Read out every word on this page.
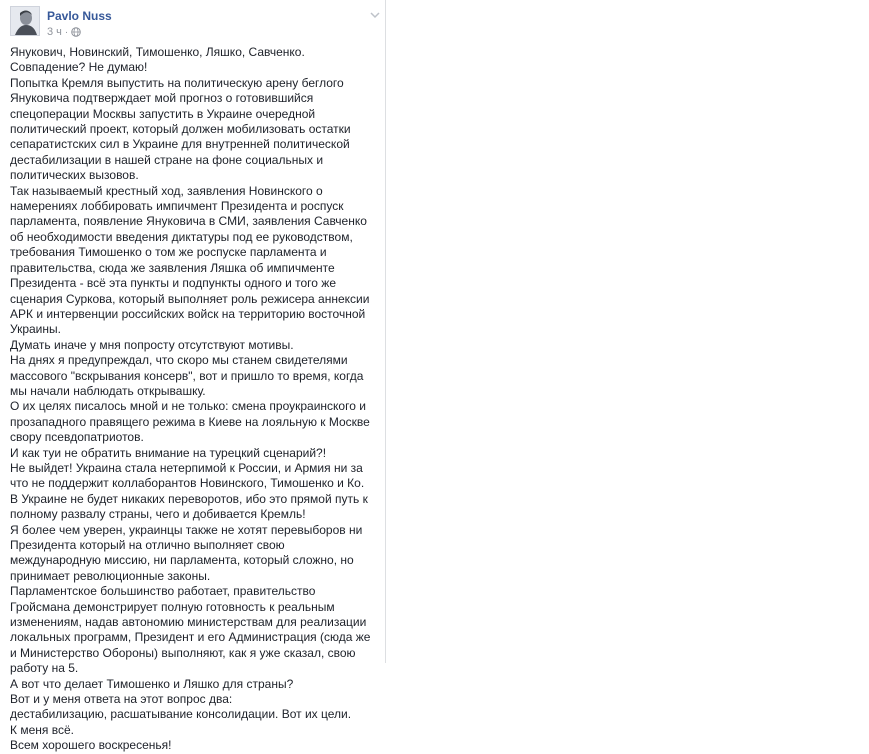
Pavlo Nuss
3 ч ·

Янукович, Новинский, Тимошенко, Ляшко, Савченко. Совпадение? Не думаю!

Попытка Кремля выпустить на политическую арену беглого Януковича подтверждает мой прогноз о готовившийся спецоперации Москвы запустить в Украине очередной политический проект, который должен мобилизовать остатки сепаратистских сил в Украине для внутренней политической дестабилизации в нашей стране на фоне социальных и политических вызовов.

Так называемый крестный ход, заявления Новинского о намерениях лоббировать импичмент Президента и роспуск парламента, появление Януковича в СМИ, заявления Савченко об необходимости введения диктатуры под ее руководством, требования Тимошенко о том же роспуске парламента и правительства, сюда же заявления Ляшка об импичменте Президента - всё эта пункты и подпункты одного и того же сценария Суркова, который выполняет роль режисера аннексии АРК и интервенции российских войск на территорию восточной Украины.

Думать иначе у мня попросту отсутствуют мотивы.

На днях я предупреждал, что скоро мы станем свидетелями массового "вскрывания консерв", вот и пришло то время, когда мы начали наблюдать открывашку.

О их целях писалось мной и не только: смена проукраинского и прозападного правящего режима в Киеве на лояльную к Москве свору псевдопатриотов.

И как туи не обратить внимание на турецкий сценарий?!

Не выйдет! Украина стала нетерпимой к России, и Армия ни за что не поддержит коллаборантов Новинского, Тимошенко и Ко.

В Украине не будет никаких переворотов, ибо это прямой путь к полному развалу страны, чего и добивается Кремль!

Я более чем уверен, украинцы также не хотят перевыборов ни Президента который на отлично выполняет свою международную миссию, ни парламента, который сложно, но принимает революционные законы.

Парламентское большинство работает, правительство Гройсмана демонстрирует полную готовность к реальным изменениям, надав автономию министерствам для реализации локальных программ, Президент и его Администрация (сюда же и Министерство Обороны) выполняют, как я уже сказал, свою работу на 5.

А вот что делает Тимошенко и Ляшко для страны?

Вот и у меня ответа на этот вопрос два:

дестабилизацию, расшатывание консолидации. Вот их цели.

К меня всё.

Всем хорошего воскресенья!
